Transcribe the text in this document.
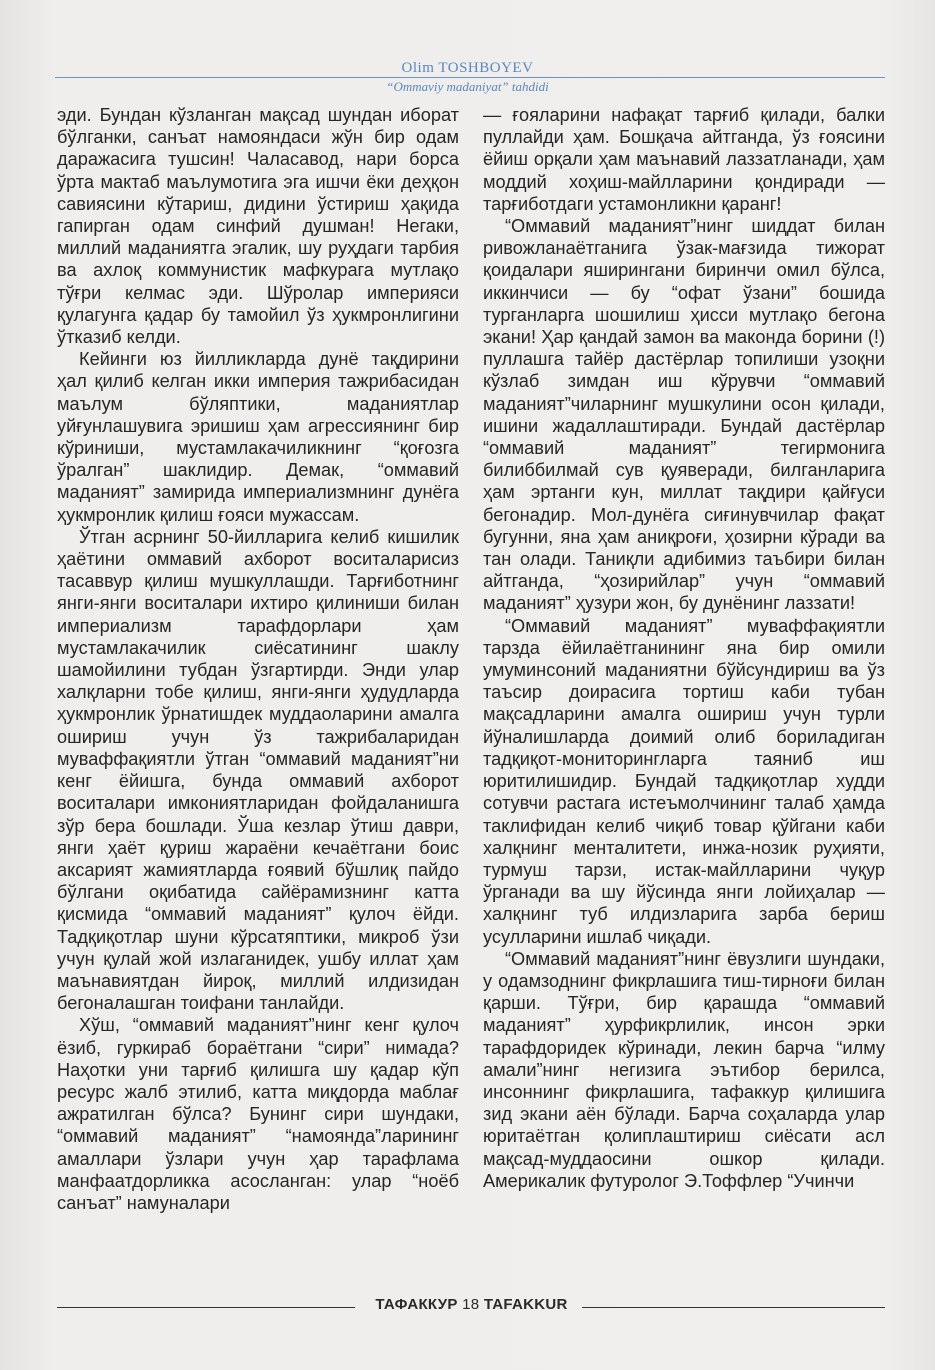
Olim TOSHBOYEV
“Ommaviy madaniyat” tahdidi

эди. Бундан кўзланган мақсад шундан иборат бўлганки, санъат намояндаси жўн бир одам даражасига тушсин! Чаласавод, нари борса ўрта мактаб маълумотига эга ишчи ёки деҳқон савиясини кўтариш, дидини ўстириш ҳақида гапирган одам синфий душман! Негаки, миллий маданиятга эгалик, шу руҳдаги тарбия ва ахлоқ коммунистик мафкурага мутлақо тўғри келмас эди. Шўролар империяси қулагунга қадар бу тамойил ўз ҳукмронлигини ўтказиб келди.

Кейинги юз йилликларда дунё тақдирини ҳал қилиб келган икки империя тажрибасидан маълум бўляптики, маданиятлар уйғунлашувига эришиш ҳам агрессиянинг бир кўриниши, мустамлакачиликнинг “қоғозга ўралган” шаклидир. Демак, “оммавий маданият” замирида империализмнинг дунёга ҳукмронлик қилиш ғояси мужассам.

Ўтган асрнинг 50-йилларига келиб кишилик ҳаётини оммавий ахборот воситаларисиз тасаввур қилиш мушкуллашди. Тарғиботнинг янги-янги воситалари ихтиро қилиниши билан империализм тарафдорлари ҳам мустамлакачилик сиёсатининг шаклу шамойилини тубдан ўзгартирди. Энди улар халқларни тобе қилиш, янги-янги ҳудудларда ҳукмронлик ўрнатишдек муддаоларини амалга ошириш учун ўз тажрибаларидан муваффақиятли ўтган “оммавий маданият”ни кенг ёйишга, бунда оммавий ахборот воситалари имкониятларидан фойдаланишга зўр бера бошлади. Ўша кезлар ўтиш даври, янги ҳаёт қуриш жараёни кечаётгани боис аксарият жамиятларда ғоявий бўшлиқ пайдо бўлгани оқибатида сайёрамизнинг катта қисмида “оммавий маданият” қулоч ёйди. Тадқиқотлар шуни кўрсатяптики, микроб ўзи учун қулай жой излаганидек, ушбу иллат ҳам маънавиятдан йироқ, миллий илдизидан бегоналашган тоифани танлайди.

Хўш, “оммавий маданият”нинг кенг қулоч ёзиб, гуркираб бораётгани “сири” нимада? Наҳотки уни тарғиб қилишга шу қадар кўп ресурс жалб этилиб, катта миқдорда маблағ ажратилган бўлса? Бунинг сири шундаки, “оммавий маданият” “намоянда”ларининг амаллари ўзлари учун ҳар тарафлама манфаатдорликка асосланган: улар “ноёб санъат” намуналари

— ғояларини нафақат тарғиб қилади, балки пуллайди ҳам. Бошқача айтганда, ўз ғоясини ёйиш орқали ҳам маънавий лаззатланади, ҳам моддий хоҳиш-майлларини қондиради — тарғиботдаги устамонликни қаранг!

“Оммавий маданият”нинг шиддат билан ривожланаётганига ўзак-мағзида тижорат қоидалари яширингани биринчи омил бўлса, иккинчиси — бу “офат ўзани” бошида турганларга шошилиш ҳисси мутлақо бегона экани! Ҳар қандай замон ва маконда борини (!) пуллашга тайёр дастёрлар топилиши узоқни кўзлаб зимдан иш кўрувчи “оммавий маданият”чиларнинг мушкулини осон қилади, ишини жадаллаштиради. Бундай дастёрлар “оммавий маданият” тегирмонига билиббилмай сув қуяверади, билганларига ҳам эртанги кун, миллат тақдири қайғуси бегонадир. Мол-дунёга сиғинувчилар фақат бугунни, яна ҳам аниқроғи, ҳозирни кўради ва тан олади. Таниқли адибимиз таъбири билан айтганда, “ҳозирийлар” учун “оммавий маданият” ҳузури жон, бу дунёнинг лаззати!

“Оммавий маданият” муваффақиятли тарзда ёйилаётганининг яна бир омили умуминсоний маданиятни бўйсундириш ва ўз таъсир доирасига тортиш каби тубан мақсадларини амалга ошириш учун турли йўналишларда доимий олиб бориладиган тадқиқот-мониторингларга таяниб иш юритилишидир. Бундай тадқиқотлар худди сотувчи растага истеъмолчининг талаб ҳамда таклифидан келиб чиқиб товар қўйгани каби халқнинг менталитети, инжа-нозик руҳияти, турмуш тарзи, истак-майлларини чуқур ўрганади ва шу йўсинда янги лойиҳалар — халқнинг туб илдизларига зарба бериш усулларини ишлаб чиқади.

“Оммавий маданият”нинг ёвузлиги шундаки, у одамзоднинг фикрлашига тиш-тирноғи билан қарши. Тўғри, бир қарашда “оммавий маданият” ҳурфикрлилик, инсон эрки тарафдоридек кўринади, лекин барча “илму амали”нинг негизига эътибор берилса, инсоннинг фикрлашига, тафаккур қилишига зид экани аён бўлади. Барча соҳаларда улар юритаётган қолиплаштириш сиёсати асл мақсад-муддаосини ошкор қилади. Америкалик футуролог Э.Тоффлер “Учинчи

ТАФАККУР 18 TAFAKKUR
